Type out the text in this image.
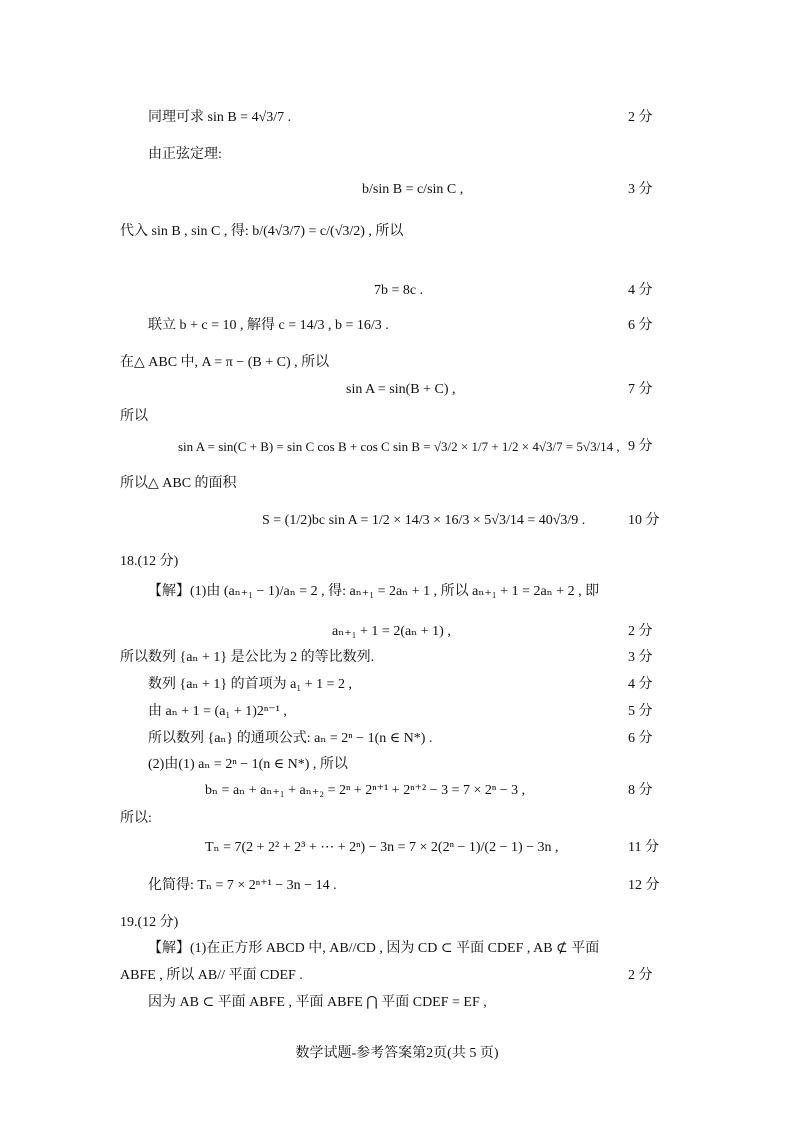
同理可求 sin B = 4√3/7 .
由正弦定理:
b/sin B = c/sin C ,
代入 sin B , sin C , 得: b/(4√3/7) = c/(√3/2) , 所以
7b = 8c .
联立 b + c = 10 , 解得 c = 14/3 , b = 16/3 .
在△ ABC 中, A = π − (B + C) , 所以
sin A = sin(B + C) ,
所以
sin A = sin(C + B) = sin C cos B + cos C sin B = √3/2 × 1/7 + 1/2 × 4√3/7 = 5√3/14 ,
所以△ ABC 的面积
S = (1/2)bc sin A = 1/2 × 14/3 × 16/3 × 5√3/14 = 40√3/9 .
18.(12 分)
【解】(1)由 (aₙ₊₁ − 1)/aₙ = 2 , 得: aₙ₊₁ = 2aₙ + 1 , 所以 aₙ₊₁ + 1 = 2aₙ + 2 , 即
aₙ₊₁ + 1 = 2(aₙ + 1) ,
所以数列 {aₙ + 1} 是公比为 2 的等比数列.
数列 {aₙ + 1} 的首项为 a₁ + 1 = 2 ,
由 aₙ + 1 = (a₁ + 1)2ⁿ⁻¹ ,
所以数列 {aₙ} 的通项公式: aₙ = 2ⁿ − 1(n ∈ N*) .
(2)由(1) aₙ = 2ⁿ − 1(n ∈ N*) , 所以
bₙ = aₙ + aₙ₊₁ + aₙ₊₂ = 2ⁿ + 2ⁿ⁺¹ + 2ⁿ⁺² − 3 = 7 × 2ⁿ − 3 ,
所以:
Tₙ = 7(2 + 2² + 2³ + ⋯ + 2ⁿ) − 3n = 7 × 2(2ⁿ − 1)/(2 − 1) − 3n ,
化简得: Tₙ = 7 × 2ⁿ⁺¹ − 3n − 14 .
19.(12 分)
【解】(1)在正方形 ABCD 中, AB//CD , 因为 CD ⊂ 平面 CDEF , AB ⊄ 平面
ABFE , 所以 AB// 平面 CDEF .
因为 AB ⊂ 平面 ABFE , 平面 ABFE ⋂ 平面 CDEF = EF ,
2 分
3 分
4 分
6 分
7 分
9 分
10 分
2 分
3 分
4 分
5 分
6 分
8 分
11 分
12 分
2 分
数学试题-参考答案第2页(共 5 页)
